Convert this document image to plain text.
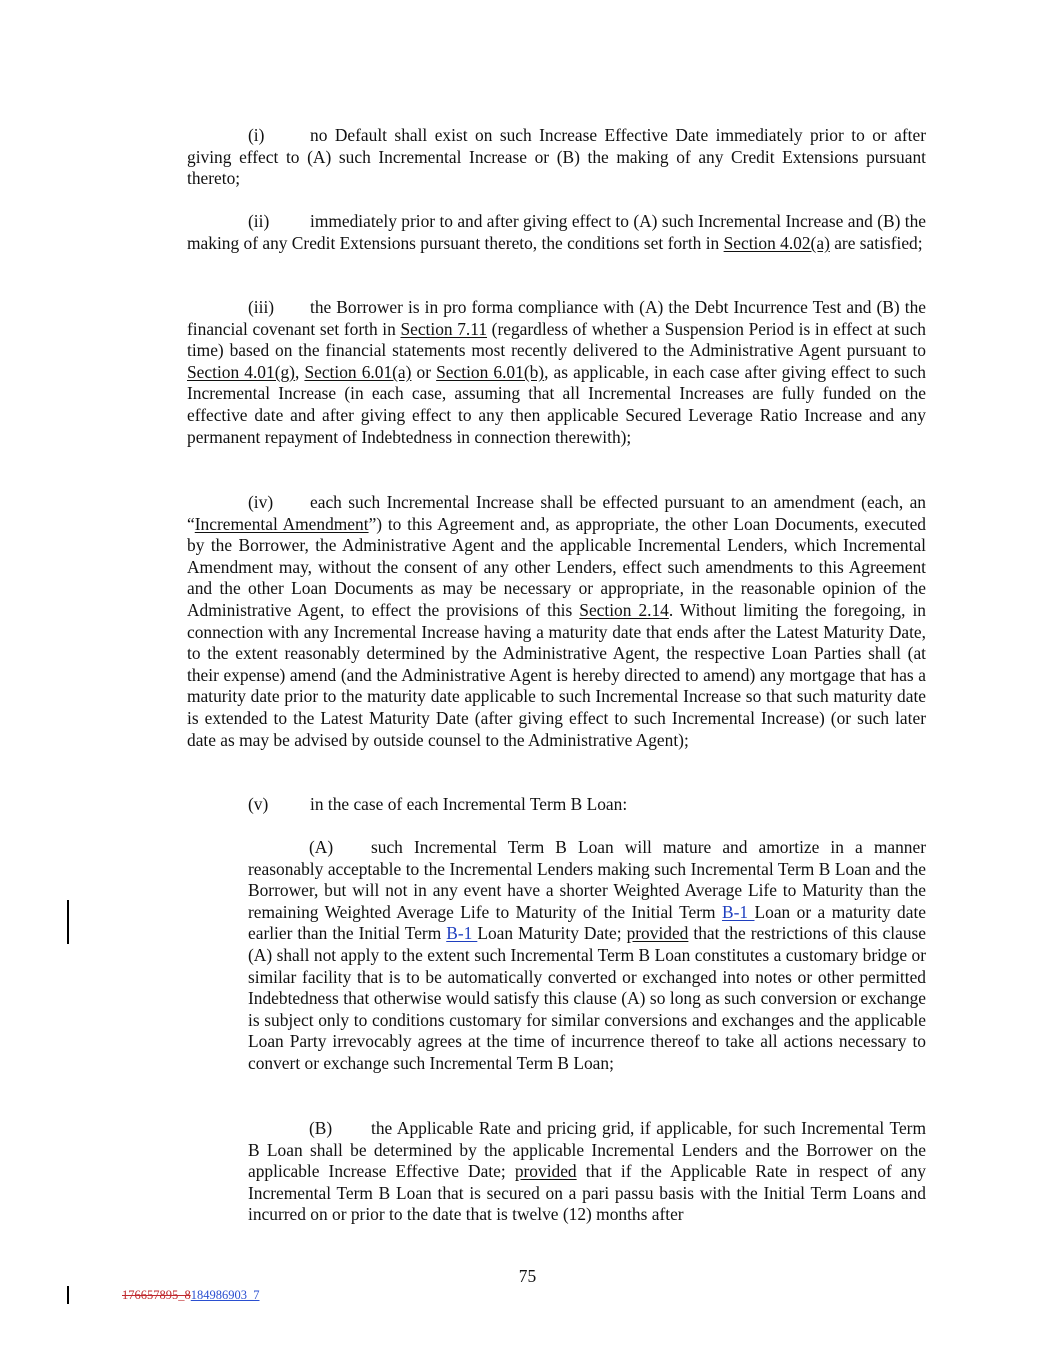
(i)	no Default shall exist on such Increase Effective Date immediately prior to or after giving effect to (A) such Incremental Increase or (B) the making of any Credit Extensions pursuant thereto;

(ii) immediately prior to and after giving effect to (A) such Incremental Increase and (B) the making of any Credit Extensions pursuant thereto, the conditions set forth in Section 4.02(a) are satisfied;

(iii) the Borrower is in pro forma compliance with (A) the Debt Incurrence Test and (B) the financial covenant set forth in Section 7.11 (regardless of whether a Suspension Period is in effect at such time) based on the financial statements most recently delivered to the Administrative Agent pursuant to Section 4.01(g), Section 6.01(a) or Section 6.01(b), as applicable, in each case after giving effect to such Incremental Increase (in each case, assuming that all Incremental Increases are fully funded on the effective date and after giving effect to any then applicable Secured Leverage Ratio Increase and any permanent repayment of Indebtedness in connection therewith);

(iv) each such Incremental Increase shall be effected pursuant to an amendment (each, an “Incremental Amendment”) to this Agreement and, as appropriate, the other Loan Documents, executed by the Borrower, the Administrative Agent and the applicable Incremental Lenders, which Incremental Amendment may, without the consent of any other Lenders, effect such amendments to this Agreement and the other Loan Documents as may be necessary or appropriate, in the reasonable opinion of the Administrative Agent, to effect the provisions of this Section 2.14. Without limiting the foregoing, in connection with any Incremental Increase having a maturity date that ends after the Latest Maturity Date, to the extent reasonably determined by the Administrative Agent, the respective Loan Parties shall (at their expense) amend (and the Administrative Agent is hereby directed to amend) any mortgage that has a maturity date prior to the maturity date applicable to such Incremental Increase so that such maturity date is extended to the Latest Maturity Date (after giving effect to such Incremental Increase) (or such later date as may be advised by outside counsel to the Administrative Agent);

(v) in the case of each Incremental Term B Loan:

(A) such Incremental Term B Loan will mature and amortize in a manner reasonably acceptable to the Incremental Lenders making such Incremental Term B Loan and the Borrower, but will not in any event have a shorter Weighted Average Life to Maturity than the remaining Weighted Average Life to Maturity of the Initial Term B-1 Loan or a maturity date earlier than the Initial Term B-1 Loan Maturity Date; provided that the restrictions of this clause (A) shall not apply to the extent such Incremental Term B Loan constitutes a customary bridge or similar facility that is to be automatically converted or exchanged into notes or other permitted Indebtedness that otherwise would satisfy this clause (A) so long as such conversion or exchange is subject only to conditions customary for similar conversions and exchanges and the applicable Loan Party irrevocably agrees at the time of incurrence thereof to take all actions necessary to convert or exchange such Incremental Term B Loan;

(B) the Applicable Rate and pricing grid, if applicable, for such Incremental Term B Loan shall be determined by the applicable Incremental Lenders and the Borrower on the applicable Increase Effective Date; provided that if the Applicable Rate in respect of any Incremental Term B Loan that is secured on a pari passu basis with the Initial Term Loans and incurred on or prior to the date that is twelve (12) months after

75
176657895_8184986903_7
